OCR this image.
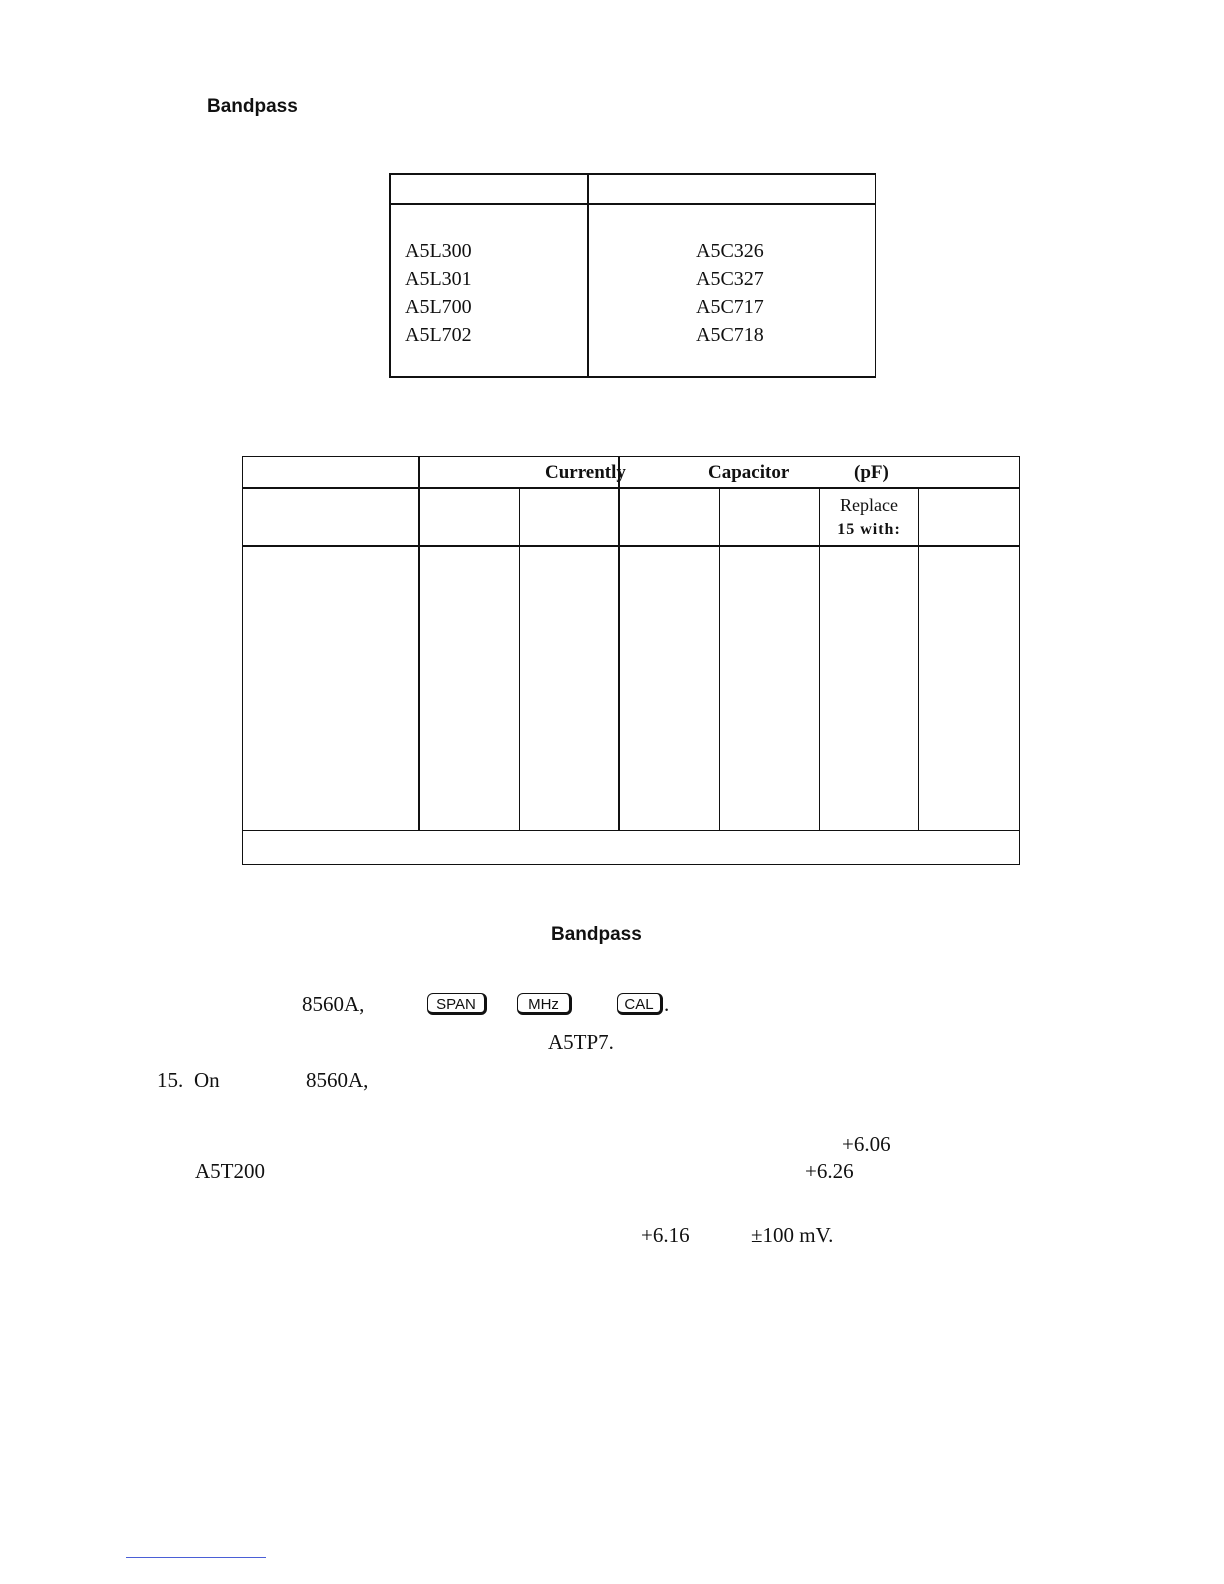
Bandpass
A5L300	A5C326
A5L301	A5C327
A5L700	A5C717
A5L702	A5C718
Currently	Capacitor	(pF)
Replace
15 with:
Bandpass
8560A,	SPAN	MHz	CAL .
A5TP7.
15. On	8560A,
+6.06
A5T200	+6.26
+6.16	±100 mV.
